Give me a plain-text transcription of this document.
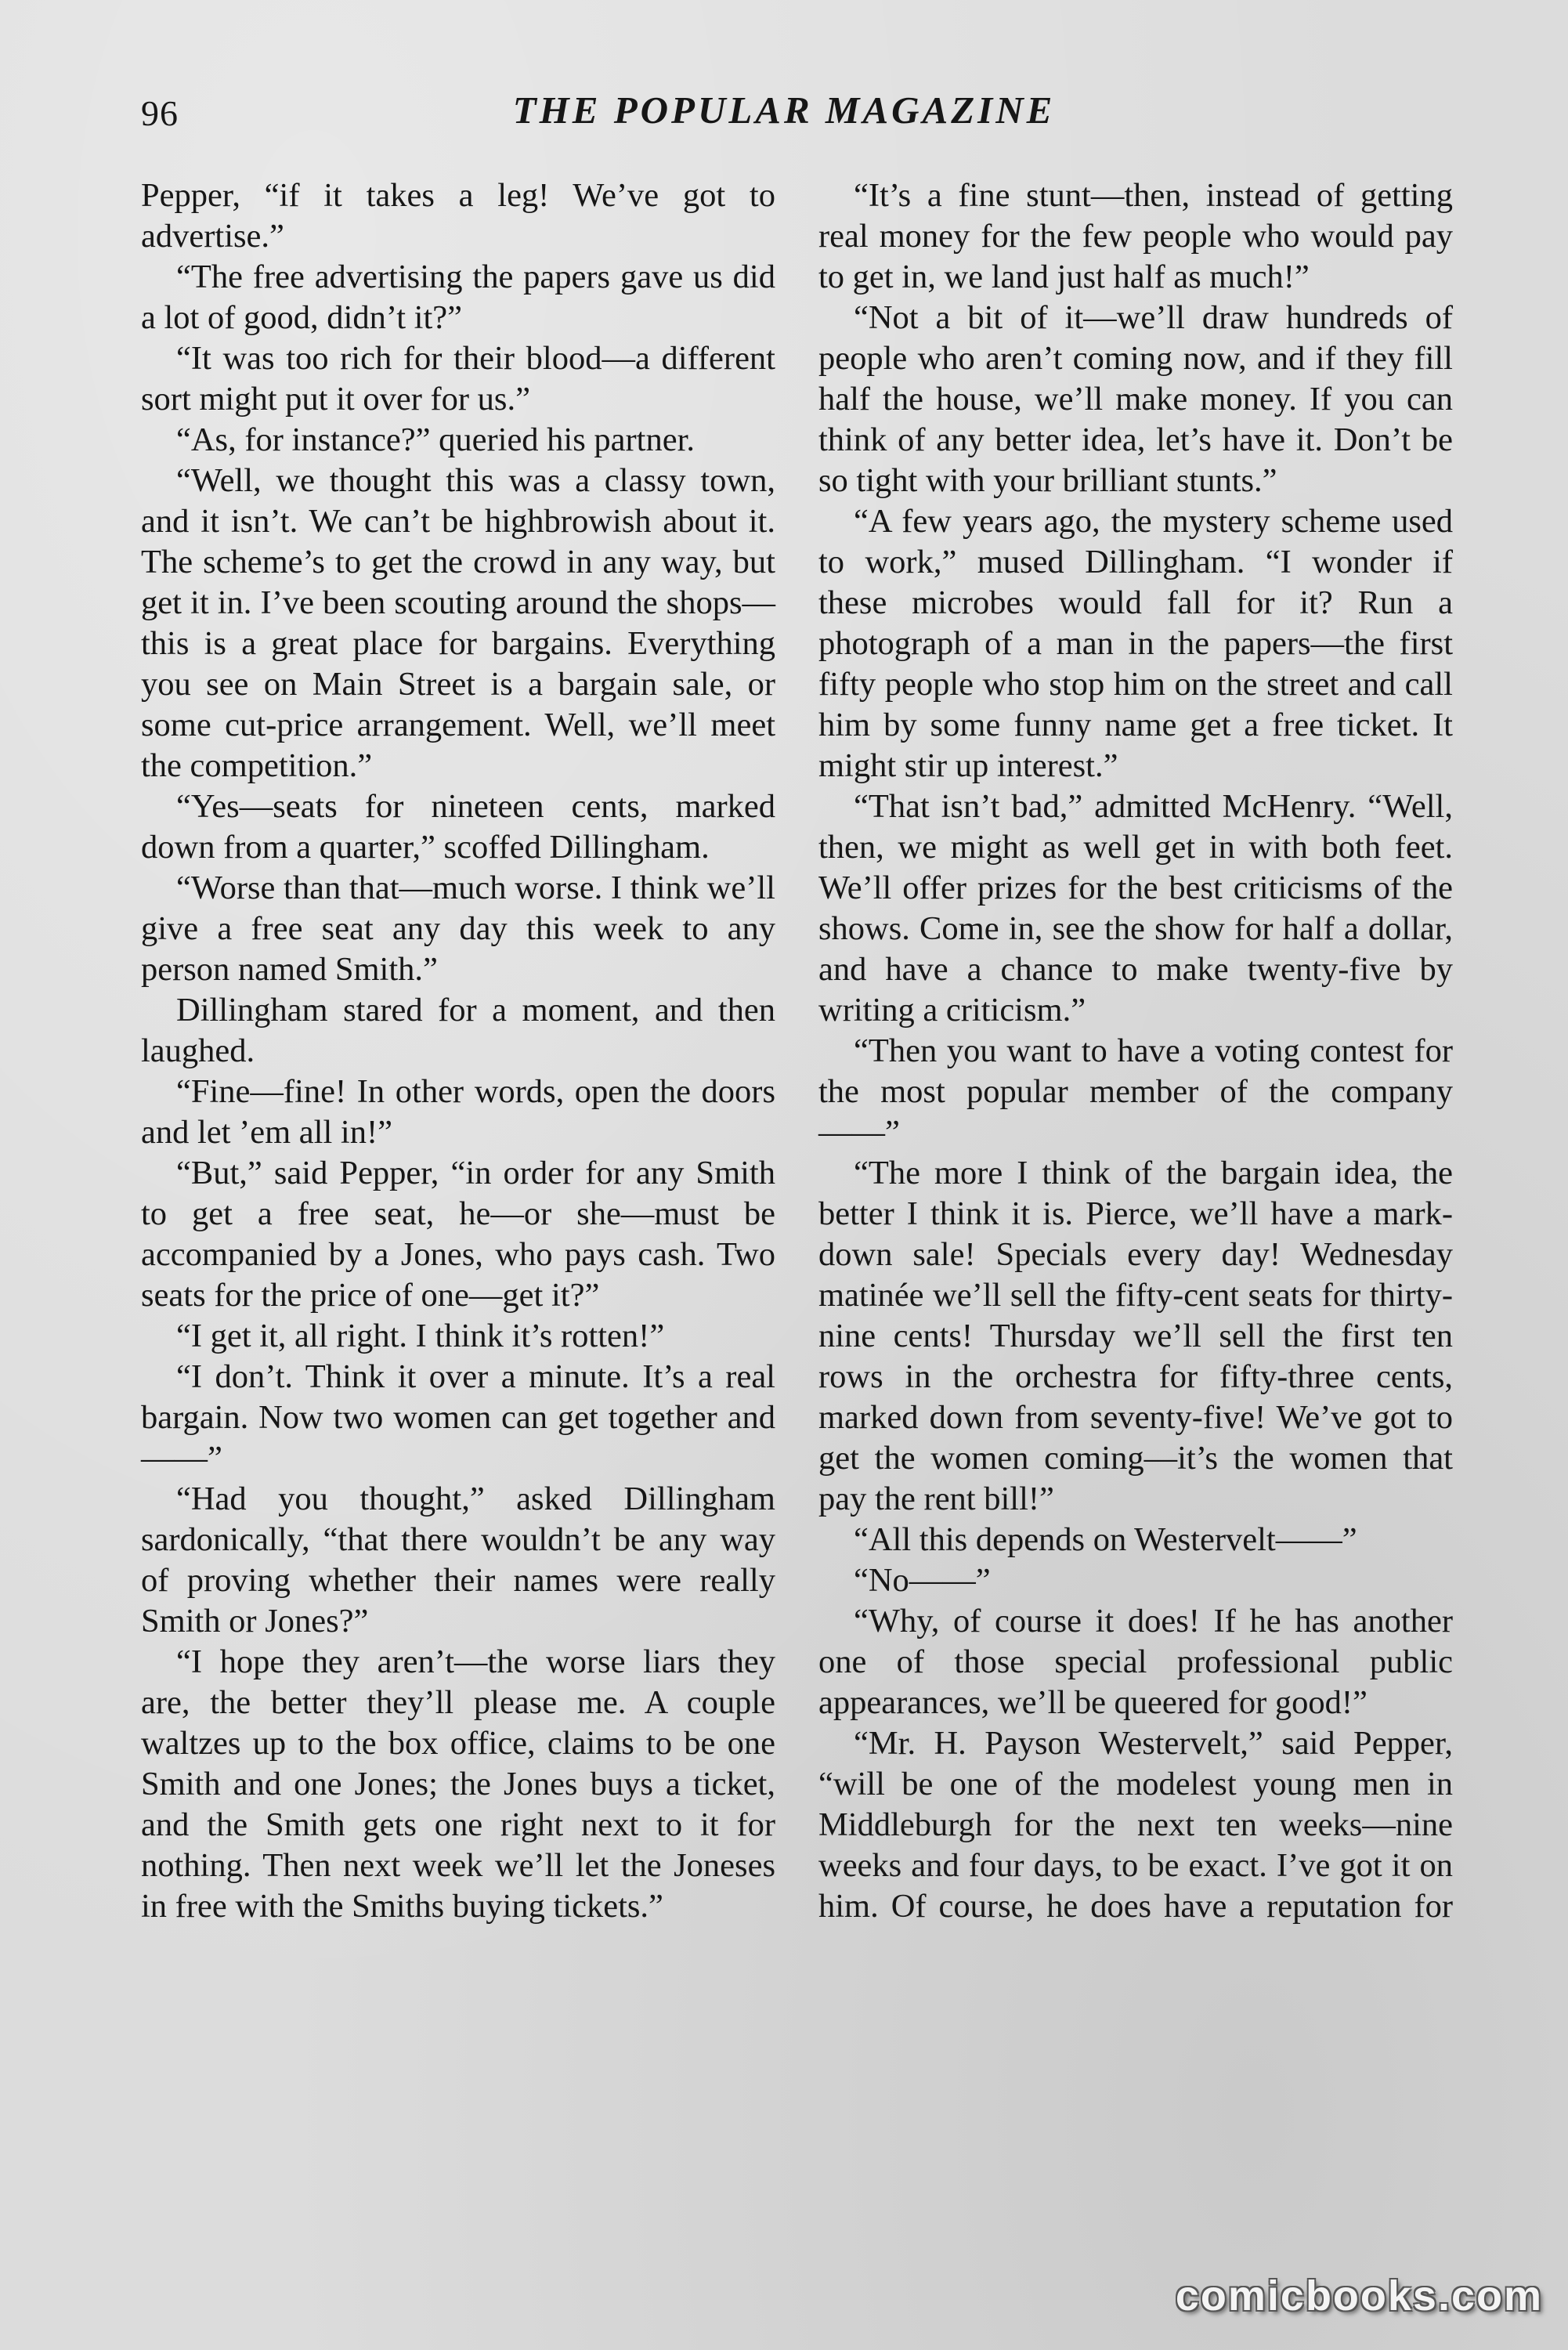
96	THE POPULAR MAGAZINE

Pepper, “if it takes a leg! We’ve got to advertise.”

“The free advertising the papers gave us did a lot of good, didn’t it?”

“It was too rich for their blood—a different sort might put it over for us.”

“As, for instance?” queried his partner.

“Well, we thought this was a classy town, and it isn’t. We can’t be highbrowish about it. The scheme’s to get the crowd in any way, but get it in. I’ve been scouting around the shops—this is a great place for bargains. Everything you see on Main Street is a bargain sale, or some cut-price arrangement. Well, we’ll meet the competition.”

“Yes—seats for nineteen cents, marked down from a quarter,” scoffed Dillingham.

“Worse than that—much worse. I think we’ll give a free seat any day this week to any person named Smith.”

Dillingham stared for a moment, and then laughed.

“Fine—fine! In other words, open the doors and let ’em all in!”

“But,” said Pepper, “in order for any Smith to get a free seat, he—or she—must be accompanied by a Jones, who pays cash. Two seats for the price of one—get it?”

“I get it, all right. I think it’s rotten!”

“I don’t. Think it over a minute. It’s a real bargain. Now two women can get together and——”

“Had you thought,” asked Dillingham sardonically, “that there wouldn’t be any way of proving whether their names were really Smith or Jones?”

“I hope they aren’t—the worse liars they are, the better they’ll please me. A couple waltzes up to the box office, claims to be one Smith and one Jones; the Jones buys a ticket, and the Smith gets one right next to it for nothing. Then next week we’ll let the Joneses in free with the Smiths buying tickets.”

“It’s a fine stunt—then, instead of getting real money for the few people who would pay to get in, we land just half as much!”

“Not a bit of it—we’ll draw hundreds of people who aren’t coming now, and if they fill half the house, we’ll make money. If you can think of any better idea, let’s have it. Don’t be so tight with your brilliant stunts.”

“A few years ago, the mystery scheme used to work,” mused Dillingham. “I wonder if these microbes would fall for it? Run a photograph of a man in the papers—the first fifty people who stop him on the street and call him by some funny name get a free ticket. It might stir up interest.”

“That isn’t bad,” admitted McHenry. “Well, then, we might as well get in with both feet. We’ll offer prizes for the best criticisms of the shows. Come in, see the show for half a dollar, and have a chance to make twenty-five by writing a criticism.”

“Then you want to have a voting contest for the most popular member of the company——”

“The more I think of the bargain idea, the better I think it is. Pierce, we’ll have a mark-down sale! Specials every day! Wednesday matinée we’ll sell the fifty-cent seats for thirty-nine cents! Thursday we’ll sell the first ten rows in the orchestra for fifty-three cents, marked down from seventy-five! We’ve got to get the women coming—it’s the women that pay the rent bill!”

“All this depends on Westervelt——”

“No——”

“Why, of course it does! If he has another one of those special professional public appearances, we’ll be queered for good!”

“Mr. H. Payson Westervelt,” said Pepper, “will be one of the modelest young men in Middleburgh for the next ten weeks—nine weeks and four days, to be exact. I’ve got it on him. Of course, he does have a reputation for

comicbooks.com
